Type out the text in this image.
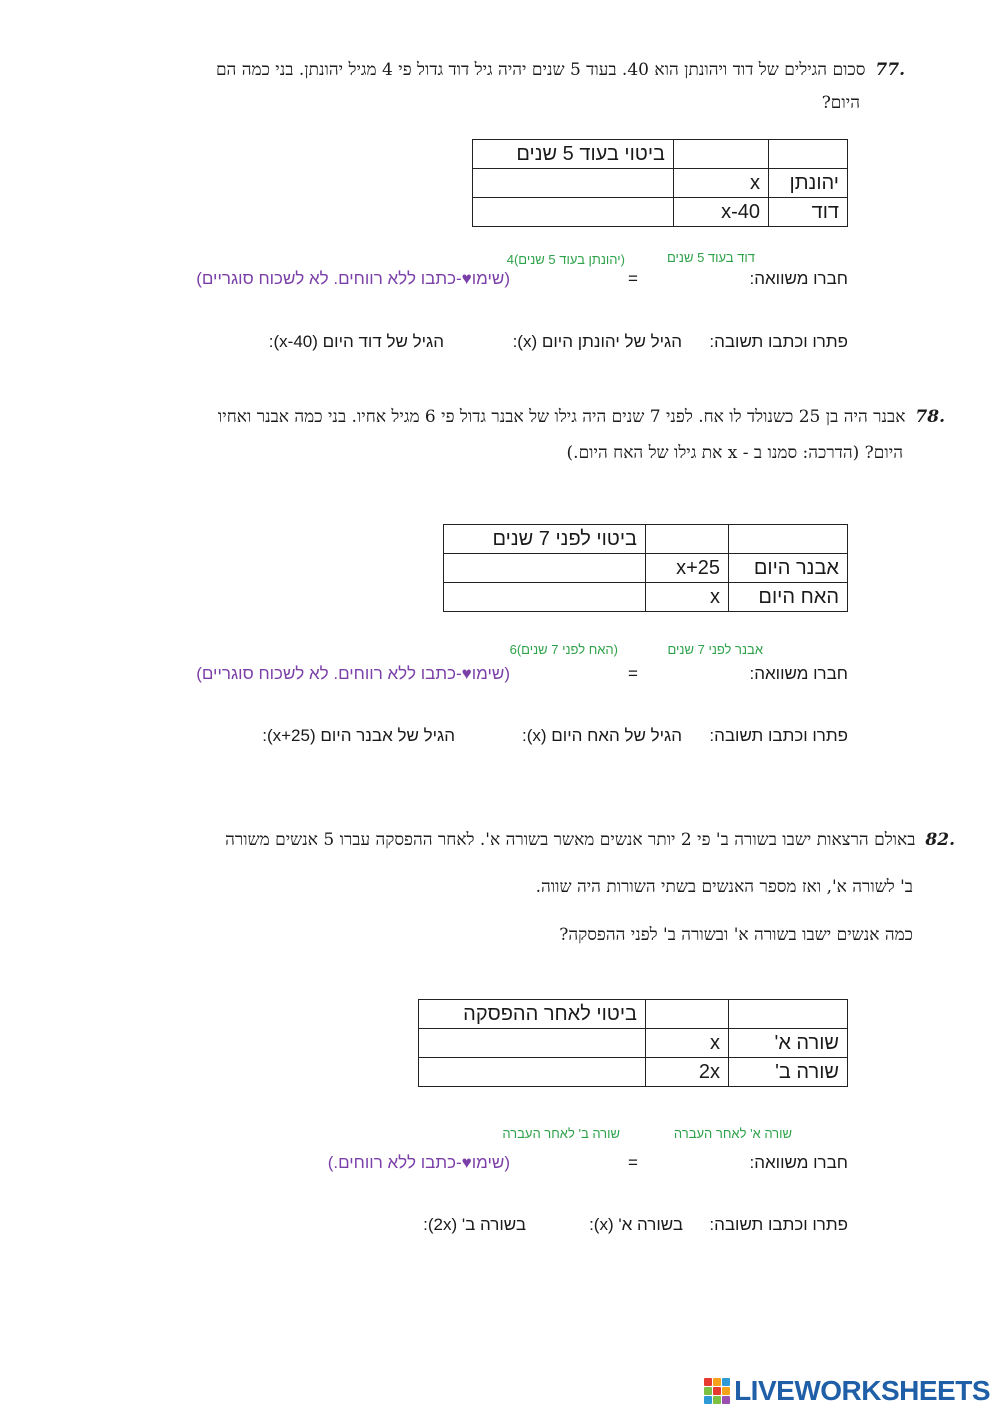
.77סכום הגילים של דוד ויהונתן הוא 40. בעוד 5 שנים יהיה גיל דוד גדול פי 4 מגיל יהונתן. בני כמה הם
היום?
		ביטוי בעוד 5 שנים
יהונתן	x	
דוד	40-x	
דוד בעוד 5 שנים
(יהונתן בעוד 5 שנים)4
חברו משוואה:
=
(שימו♥-כתבו ללא רווחים. לא לשכוח סוגריים)
פתרו וכתבו תשובה:
הגיל של יהונתן היום (x):
הגיל של דוד היום (40-x):
.78אבנר היה בן 25 כשנולד לו אח. לפני 7 שנים היה גילו של אבנר גדול פי 6 מגיל אחיו. בני כמה אבנר ואחיו
היום? (הדרכה: סמנו ב - x את גילו של האח היום.)
		ביטוי לפני 7 שנים
אבנר היום	25+x	
האח היום	x	
אבנר לפני 7 שנים
(האח לפני 7 שנים)6
חברו משוואה:
=
(שימו♥-כתבו ללא רווחים. לא לשכוח סוגריים)
פתרו וכתבו תשובה:
הגיל של האח היום (x):
הגיל של אבנר היום (25+x):
.82באולם הרצאות ישבו בשורה ב' פי 2 יותר אנשים מאשר בשורה א'. לאחר ההפסקה עברו 5 אנשים משורה
ב' לשורה א', ואז מספר האנשים בשתי השורות היה שווה.
כמה אנשים ישבו בשורה א' ובשורה ב' לפני ההפסקה?
		ביטוי לאחר ההפסקה
שורה א'	x	
שורה ב'	2x	
שורה א' לאחר העברה
שורה ב' לאחר העברה
חברו משוואה:
=
(שימו♥-כתבו ללא רווחים.)
פתרו וכתבו תשובה:
בשורה א' (x):
בשורה ב' (2x):
LIVEWORKSHEETS
